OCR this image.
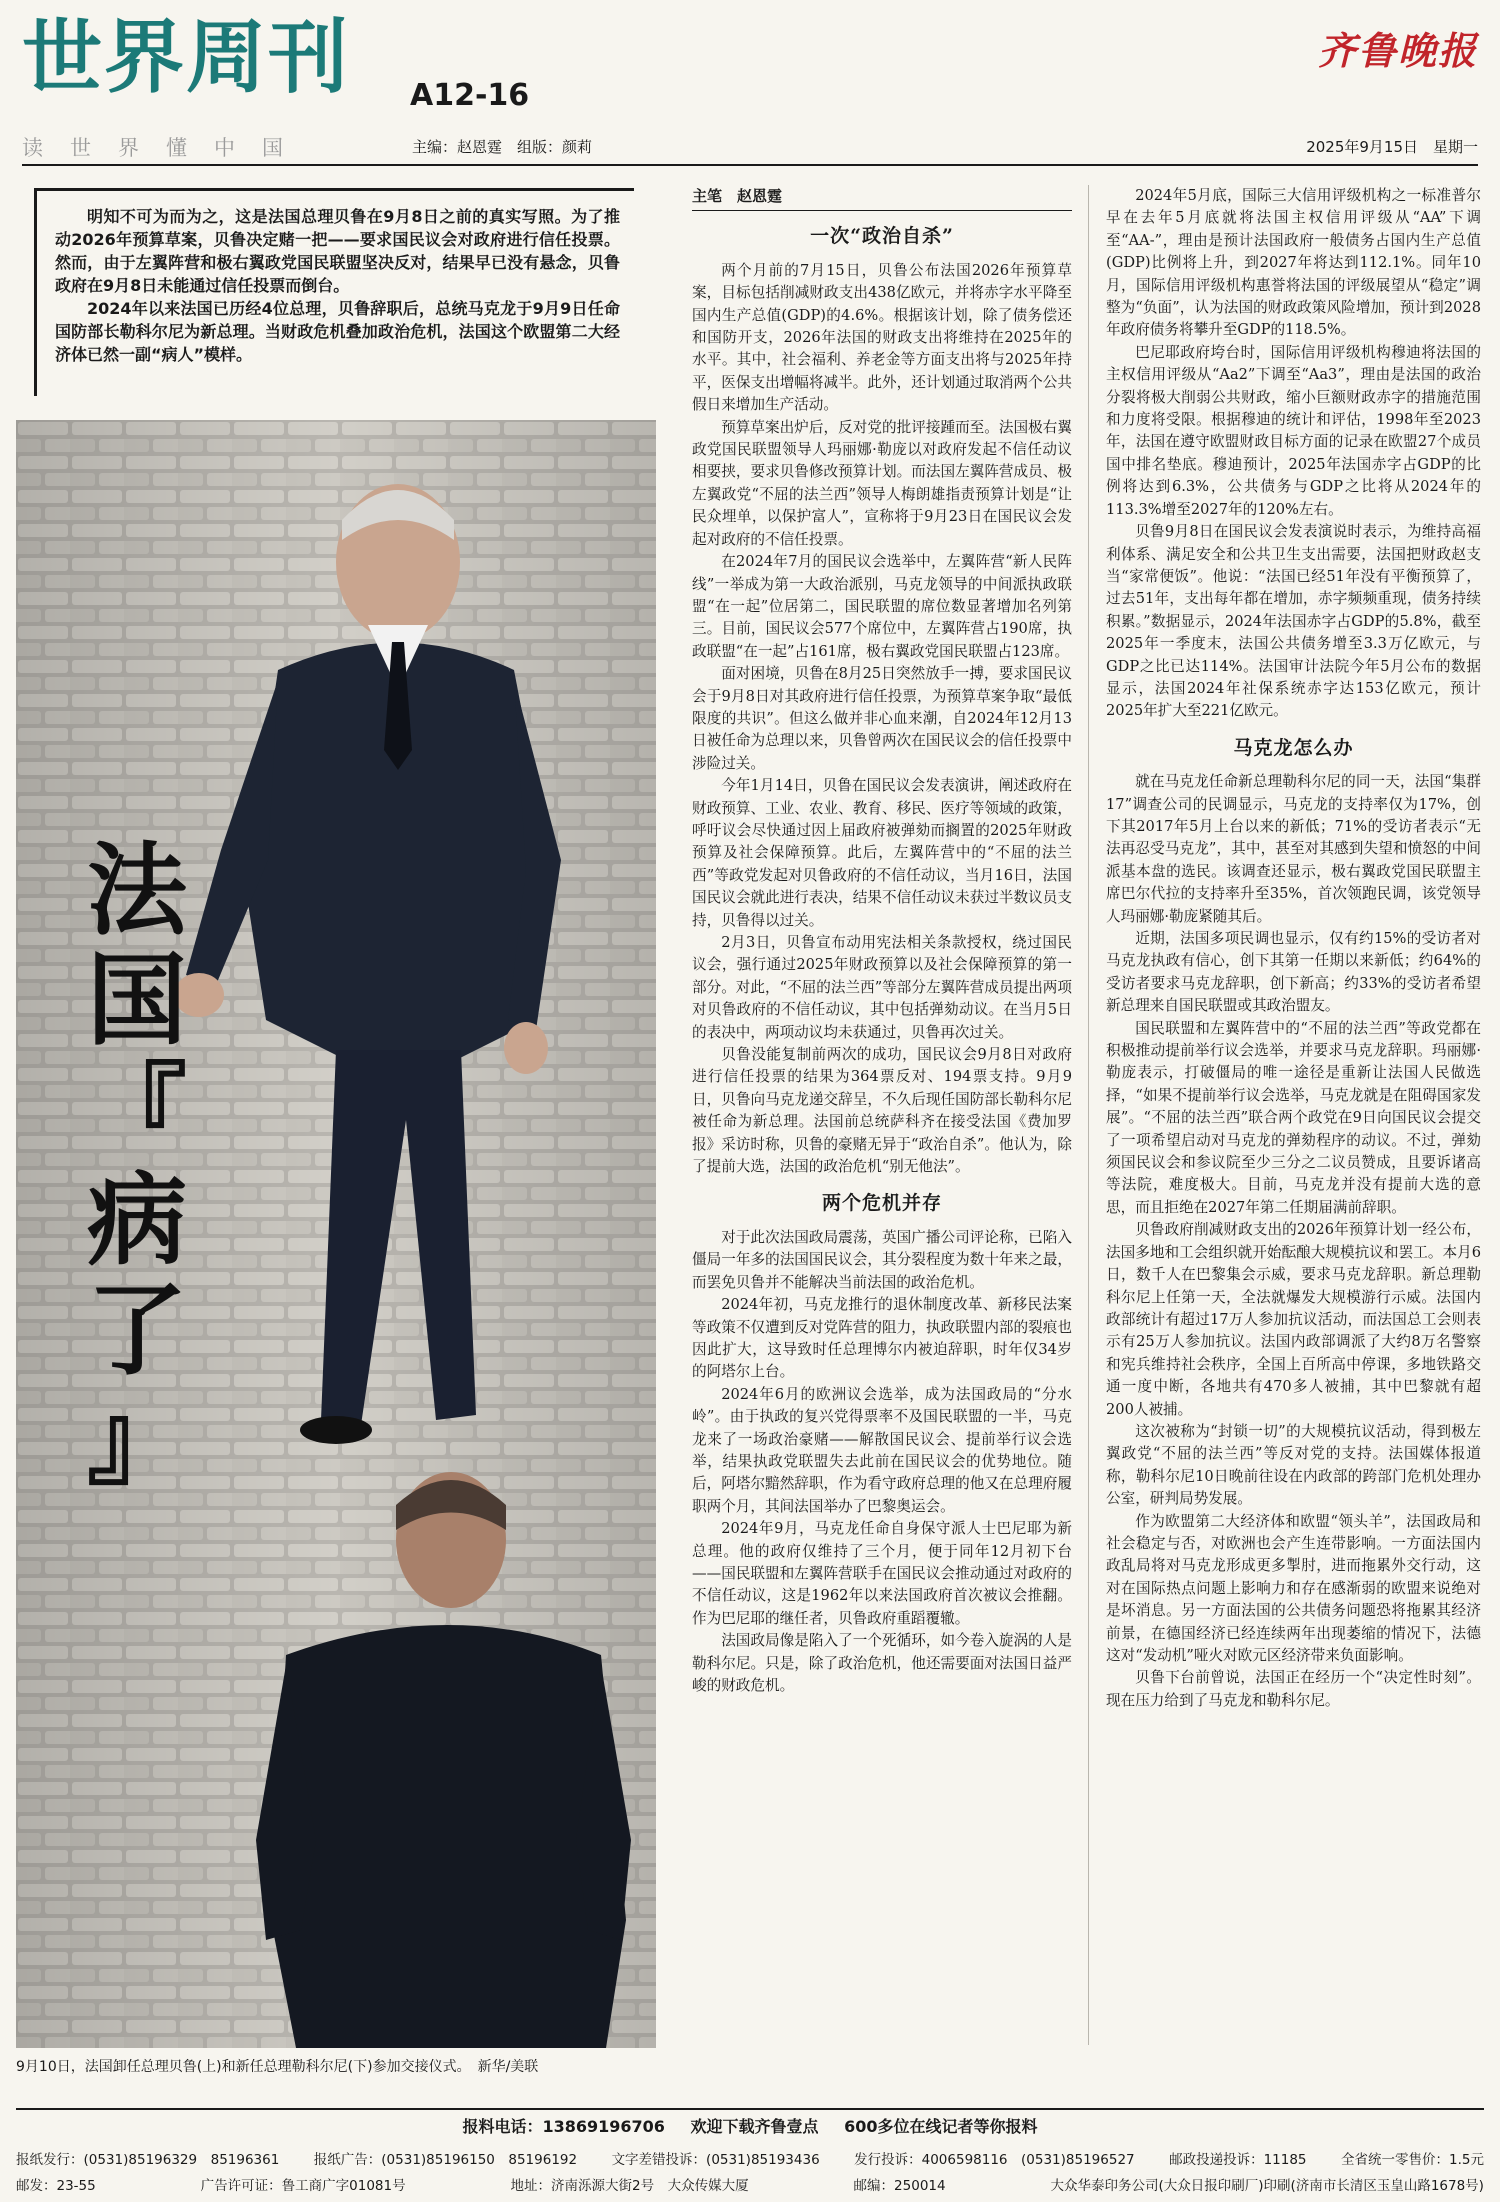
世界周刊 A12-16
齐鲁晚报
读世界懂中国	主编：赵恩霆　组版：颜莉	2025年9月15日　星期一

明知不可为而为之，这是法国总理贝鲁在9月8日之前的真实写照。为了推动2026年预算草案，贝鲁决定赌一把——要求国民议会对政府进行信任投票。然而，由于左翼阵营和极右翼政党国民联盟坚决反对，结果早已没有悬念，贝鲁政府在9月8日未能通过信任投票而倒台。

2024年以来法国已历经4位总理，贝鲁辞职后，总统马克龙于9月9日任命国防部长勒科尔尼为新总理。当财政危机叠加政治危机，法国这个欧盟第二大经济体已然一副“病人”模样。

法
国
『
病
了
』
9月10日，法国卸任总理贝鲁(上)和新任总理勒科尔尼(下)参加交接仪式。　新华/美联
主笔　赵恩霆
一次“政治自杀”

两个月前的7月15日，贝鲁公布法国2026年预算草案，目标包括削减财政支出438亿欧元，并将赤字水平降至国内生产总值(GDP)的4.6%。根据该计划，除了债务偿还和国防开支，2026年法国的财政支出将维持在2025年的水平。其中，社会福利、养老金等方面支出将与2025年持平，医保支出增幅将减半。此外，还计划通过取消两个公共假日来增加生产活动。

预算草案出炉后，反对党的批评接踵而至。法国极右翼政党国民联盟领导人玛丽娜·勒庞以对政府发起不信任动议相要挟，要求贝鲁修改预算计划。而法国左翼阵营成员、极左翼政党“不屈的法兰西”领导人梅朗雄指责预算计划是“让民众埋单，以保护富人”，宣称将于9月23日在国民议会发起对政府的不信任投票。

在2024年7月的国民议会选举中，左翼阵营“新人民阵线”一举成为第一大政治派别，马克龙领导的中间派执政联盟“在一起”位居第二，国民联盟的席位数显著增加名列第三。目前，国民议会577个席位中，左翼阵营占190席，执政联盟“在一起”占161席，极右翼政党国民联盟占123席。

面对困境，贝鲁在8月25日突然放手一搏，要求国民议会于9月8日对其政府进行信任投票，为预算草案争取“最低限度的共识”。但这么做并非心血来潮，自2024年12月13日被任命为总理以来，贝鲁曾两次在国民议会的信任投票中涉险过关。

今年1月14日，贝鲁在国民议会发表演讲，阐述政府在财政预算、工业、农业、教育、移民、医疗等领域的政策，呼吁议会尽快通过因上届政府被弹劾而搁置的2025年财政预算及社会保障预算。此后，左翼阵营中的“不屈的法兰西”等政党发起对贝鲁政府的不信任动议，当月16日，法国国民议会就此进行表决，结果不信任动议未获过半数议员支持，贝鲁得以过关。

2月3日，贝鲁宣布动用宪法相关条款授权，绕过国民议会，强行通过2025年财政预算以及社会保障预算的第一部分。对此，“不屈的法兰西”等部分左翼阵营成员提出两项对贝鲁政府的不信任动议，其中包括弹劾动议。在当月5日的表决中，两项动议均未获通过，贝鲁再次过关。

贝鲁没能复制前两次的成功，国民议会9月8日对政府进行信任投票的结果为364票反对、194票支持。9月9日，贝鲁向马克龙递交辞呈，不久后现任国防部长勒科尔尼被任命为新总理。法国前总统萨科齐在接受法国《费加罗报》采访时称，贝鲁的豪赌无异于“政治自杀”。他认为，除了提前大选，法国的政治危机“别无他法”。

两个危机并存

对于此次法国政局震荡，英国广播公司评论称，已陷入僵局一年多的法国国民议会，其分裂程度为数十年来之最，而罢免贝鲁并不能解决当前法国的政治危机。

2024年初，马克龙推行的退休制度改革、新移民法案等政策不仅遭到反对党阵营的阻力，执政联盟内部的裂痕也因此扩大，这导致时任总理博尔内被迫辞职，时年仅34岁的阿塔尔上台。

2024年6月的欧洲议会选举，成为法国政局的“分水岭”。由于执政的复兴党得票率不及国民联盟的一半，马克龙来了一场政治豪赌——解散国民议会、提前举行议会选举，结果执政党联盟失去此前在国民议会的优势地位。随后，阿塔尔黯然辞职，作为看守政府总理的他又在总理府履职两个月，其间法国举办了巴黎奥运会。

2024年9月，马克龙任命自身保守派人士巴尼耶为新总理。他的政府仅维持了三个月，便于同年12月初下台——国民联盟和左翼阵营联手在国民议会推动通过对政府的不信任动议，这是1962年以来法国政府首次被议会推翻。作为巴尼耶的继任者，贝鲁政府重蹈覆辙。

法国政局像是陷入了一个死循环，如今卷入旋涡的人是勒科尔尼。只是，除了政治危机，他还需要面对法国日益严峻的财政危机。

2024年5月底，国际三大信用评级机构之一标准普尔早在去年5月底就将法国主权信用评级从“AA”下调至“AA-”，理由是预计法国政府一般债务占国内生产总值(GDP)比例将上升，到2027年将达到112.1%。同年10月，国际信用评级机构惠誉将法国的评级展望从“稳定”调整为“负面”，认为法国的财政政策风险增加，预计到2028年政府债务将攀升至GDP的118.5%。

巴尼耶政府垮台时，国际信用评级机构穆迪将法国的主权信用评级从“Aa2”下调至“Aa3”，理由是法国的政治分裂将极大削弱公共财政，缩小巨额财政赤字的措施范围和力度将受限。根据穆迪的统计和评估，1998年至2023年，法国在遵守欧盟财政目标方面的记录在欧盟27个成员国中排名垫底。穆迪预计，2025年法国赤字占GDP的比例将达到6.3%，公共债务与GDP之比将从2024年的113.3%增至2027年的120%左右。

贝鲁9月8日在国民议会发表演说时表示，为维持高福利体系、满足安全和公共卫生支出需要，法国把财政赵支当“家常便饭”。他说：“法国已经51年没有平衡预算了，过去51年，支出每年都在增加，赤字频频重现，债务持续积累。”数据显示，2024年法国赤字占GDP的5.8%，截至2025年一季度末，法国公共债务增至3.3万亿欧元，与GDP之比已达114%。法国审计法院今年5月公布的数据显示，法国2024年社保系统赤字达153亿欧元，预计2025年扩大至221亿欧元。

马克龙怎么办

就在马克龙任命新总理勒科尔尼的同一天，法国“集群17”调查公司的民调显示，马克龙的支持率仅为17%，创下其2017年5月上台以来的新低；71%的受访者表示“无法再忍受马克龙”，其中，甚至对其感到失望和愤怒的中间派基本盘的选民。该调查还显示，极右翼政党国民联盟主席巴尔代拉的支持率升至35%，首次领跑民调，该党领导人玛丽娜·勒庞紧随其后。

近期，法国多项民调也显示，仅有约15%的受访者对马克龙执政有信心，创下其第一任期以来新低；约64%的受访者要求马克龙辞职，创下新高；约33%的受访者希望新总理来自国民联盟或其政治盟友。

国民联盟和左翼阵营中的“不屈的法兰西”等政党都在积极推动提前举行议会选举，并要求马克龙辞职。玛丽娜·勒庞表示，打破僵局的唯一途径是重新让法国人民做选择，“如果不提前举行议会选举，马克龙就是在阻碍国家发展”。“不屈的法兰西”联合两个政党在9日向国民议会提交了一项希望启动对马克龙的弹劾程序的动议。不过，弹劾须国民议会和参议院至少三分之二议员赞成，且要诉诸高等法院，难度极大。目前，马克龙并没有提前大选的意思，而且拒绝在2027年第二任期届满前辞职。

贝鲁政府削减财政支出的2026年预算计划一经公布，法国多地和工会组织就开始酝酿大规模抗议和罢工。本月6日，数千人在巴黎集会示威，要求马克龙辞职。新总理勒科尔尼上任第一天，全法就爆发大规模游行示威。法国内政部统计有超过17万人参加抗议活动，而法国总工会则表示有25万人参加抗议。法国内政部调派了大约8万名警察和宪兵维持社会秩序，全国上百所高中停课，多地铁路交通一度中断，各地共有470多人被捕，其中巴黎就有超200人被捕。

这次被称为“封锁一切”的大规模抗议活动，得到极左翼政党“不屈的法兰西”等反对党的支持。法国媒体报道称，勒科尔尼10日晚前往设在内政部的跨部门危机处理办公室，研判局势发展。

作为欧盟第二大经济体和欧盟“领头羊”，法国政局和社会稳定与否，对欧洲也会产生连带影响。一方面法国内政乱局将对马克龙形成更多掣肘，进而拖累外交行动，这对在国际热点问题上影响力和存在感渐弱的欧盟来说绝对是坏消息。另一方面法国的公共债务问题恐将拖累其经济前景，在德国经济已经连续两年出现萎缩的情况下，法德这对“发动机”哑火对欧元区经济带来负面影响。

贝鲁下台前曾说，法国正在经历一个“决定性时刻”。现在压力给到了马克龙和勒科尔尼。

报料电话：13869196706 欢迎下载齐鲁壹点 600多位在线记者等你报料
报纸发行：(0531)85196329　85196361	报纸广告：(0531)85196150　85196192	文字差错投诉：(0531)85193436	发行投诉：4006598116　(0531)85196527	邮政投递投诉：11185	全省统一零售价：1.5元
邮发：23-55	广告许可证：鲁工商广字01081号	地址：济南泺源大街2号　大众传媒大厦	邮编：250014	大众华泰印务公司(大众日报印刷厂)印刷(济南市长清区玉皇山路1678号)
